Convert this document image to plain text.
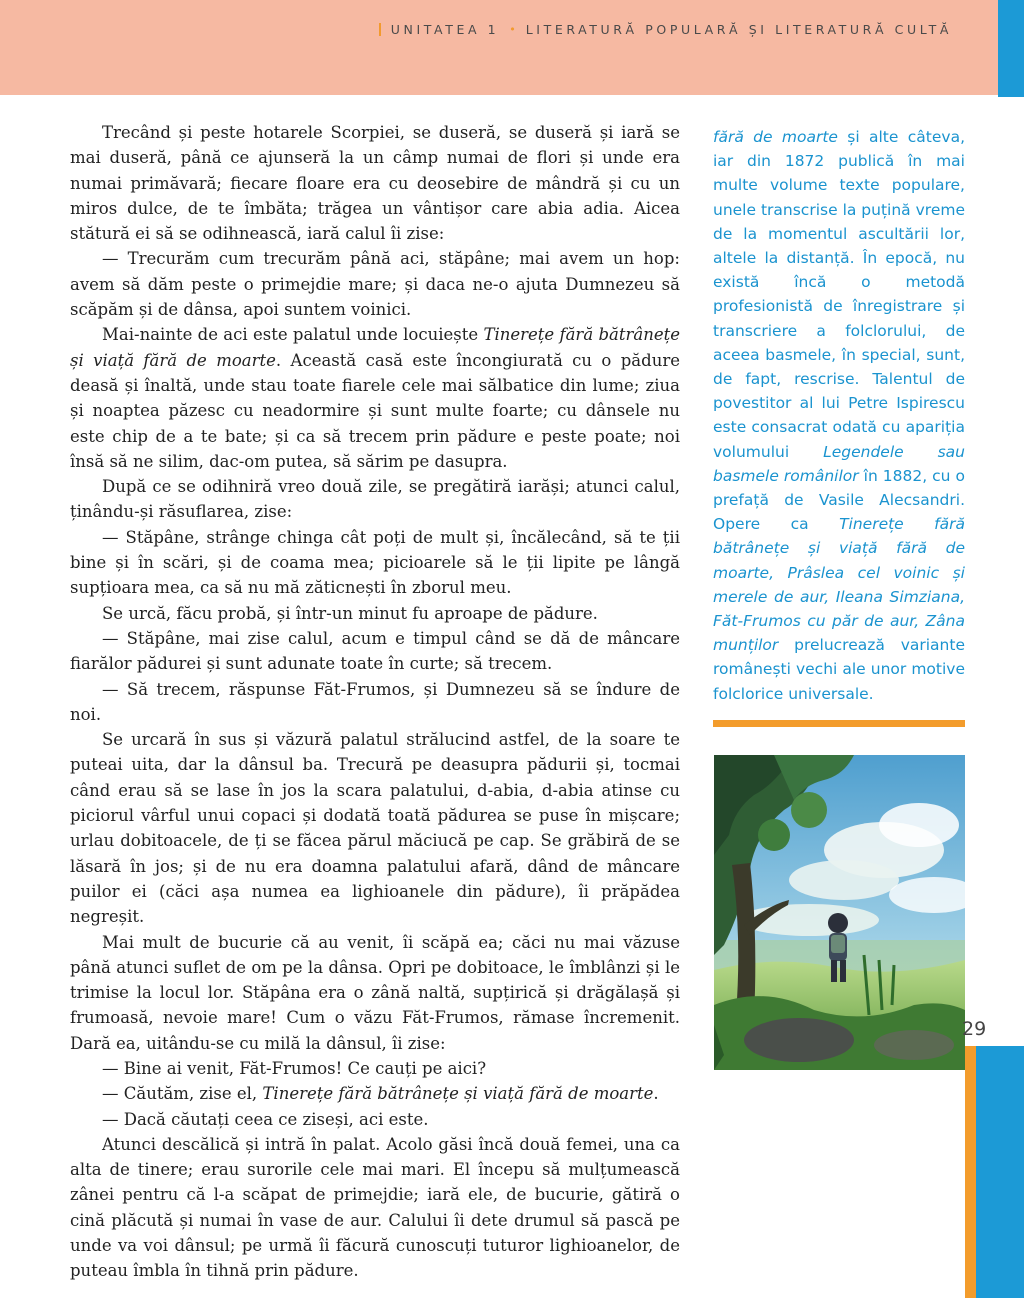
UNITATEA 1 • LITERATURĂ POPULARĂ ȘI LITERATURĂ CULTĂ

Trecând și peste hotarele Scorpiei, se duseră, se duseră și iară se mai duseră, până ce ajunseră la un câmp numai de flori și unde era numai primăvară; fiecare floare era cu deosebire de mândră și cu un miros dulce, de te îmbăta; trăgea un vântișor care abia adia. Aicea stătură ei să se odihnească, iară calul îi zise:

— Trecurăm cum trecurăm până aci, stăpâne; mai avem un hop: avem să dăm peste o primejdie mare; și daca ne-o ajuta Dumnezeu să scăpăm și de dânsa, apoi suntem voinici.

Mai-nainte de aci este palatul unde locuiește Tinerețe fără bătrânețe și viață fără de moarte. Această casă este încongiurată cu o pădure deasă și înaltă, unde stau toate fiarele cele mai sălbatice din lume; ziua și noaptea păzesc cu neadormire și sunt multe foarte; cu dânsele nu este chip de a te bate; și ca să trecem prin pădure e peste poate; noi însă să ne silim, dac-om putea, să sărim pe dasupra.

După ce se odihniră vreo două zile, se pregătiră iarăși; atunci calul, ținându-și răsuflarea, zise:

— Stăpâne, strânge chinga cât poți de mult și, încălecând, să te ții bine și în scări, și de coama mea; picioarele să le ții lipite pe lângă supțioara mea, ca să nu mă zăticnești în zborul meu.

Se urcă, făcu probă, și într-un minut fu aproape de pădure.

— Stăpâne, mai zise calul, acum e timpul când se dă de mâncare fiarălor pădurei și sunt adunate toate în curte; să trecem.

— Să trecem, răspunse Făt-Frumos, și Dumnezeu să se îndure de noi.

Se urcară în sus și văzură palatul strălucind astfel, de la soare te puteai uita, dar la dânsul ba. Trecură pe deasupra pădurii și, tocmai când erau să se lase în jos la scara palatului, d-abia, d-abia atinse cu piciorul vârful unui copaci și dodată toată pădurea se puse în mișcare; urlau dobitoacele, de ți se făcea părul măciucă pe cap. Se grăbiră de se lăsară în jos; și de nu era doamna palatului afară, dând de mâncare puilor ei (căci așa numea ea lighioanele din pădure), îi prăpădea negreșit.

Mai mult de bucurie că au venit, îi scăpă ea; căci nu mai văzuse până atunci suflet de om pe la dânsa. Opri pe dobitoace, le îmblânzi și le trimise la locul lor. Stăpâna era o zână naltă, supțirică și drăgălașă și frumoasă, nevoie mare! Cum o văzu Făt-Frumos, rămase încremenit. Dară ea, uitându-se cu milă la dânsul, îi zise:

— Bine ai venit, Făt-Frumos! Ce cauți pe aici?

— Căutăm, zise el, Tinerețe fără bătrânețe și viață fără de moarte.

— Dacă căutați ceea ce ziseși, aci este.

Atunci descălică și intră în palat. Acolo găsi încă două femei, una ca alta de tinere; erau surorile cele mai mari. El începu să mulțumească zânei pentru că l-a scăpat de primejdie; iară ele, de bucurie, gătiră o cină plăcută și numai în vase de aur. Calului îi dete drumul să pască pe unde va voi dânsul; pe urmă îi făcură cunoscuți tuturor lighioanelor, de puteau îmbla în tihnă prin pădure.

fără de moarte și alte câteva, iar din 1872 publică în mai multe volume texte populare, unele transcrise la puțină vreme de la momentul ascultării lor, altele la distanță. În epocă, nu există încă o metodă profesionistă de înregistrare și transcriere a folclorului, de aceea basmele, în special, sunt, de fapt, rescrise. Talentul de povestitor al lui Petre Ispirescu este consacrat odată cu apariția volumului Legendele sau basmele românilor în 1882, cu o prefață de Vasile Alecsandri. Opere ca Tinerețe fără bătrânețe și viață fără de moarte, Prâslea cel voinic și merele de aur, Ileana Simziana, Făt-Frumos cu păr de aur, Zâna munților prelucrează variante românești vechi ale unor motive folclorice universale.
29
